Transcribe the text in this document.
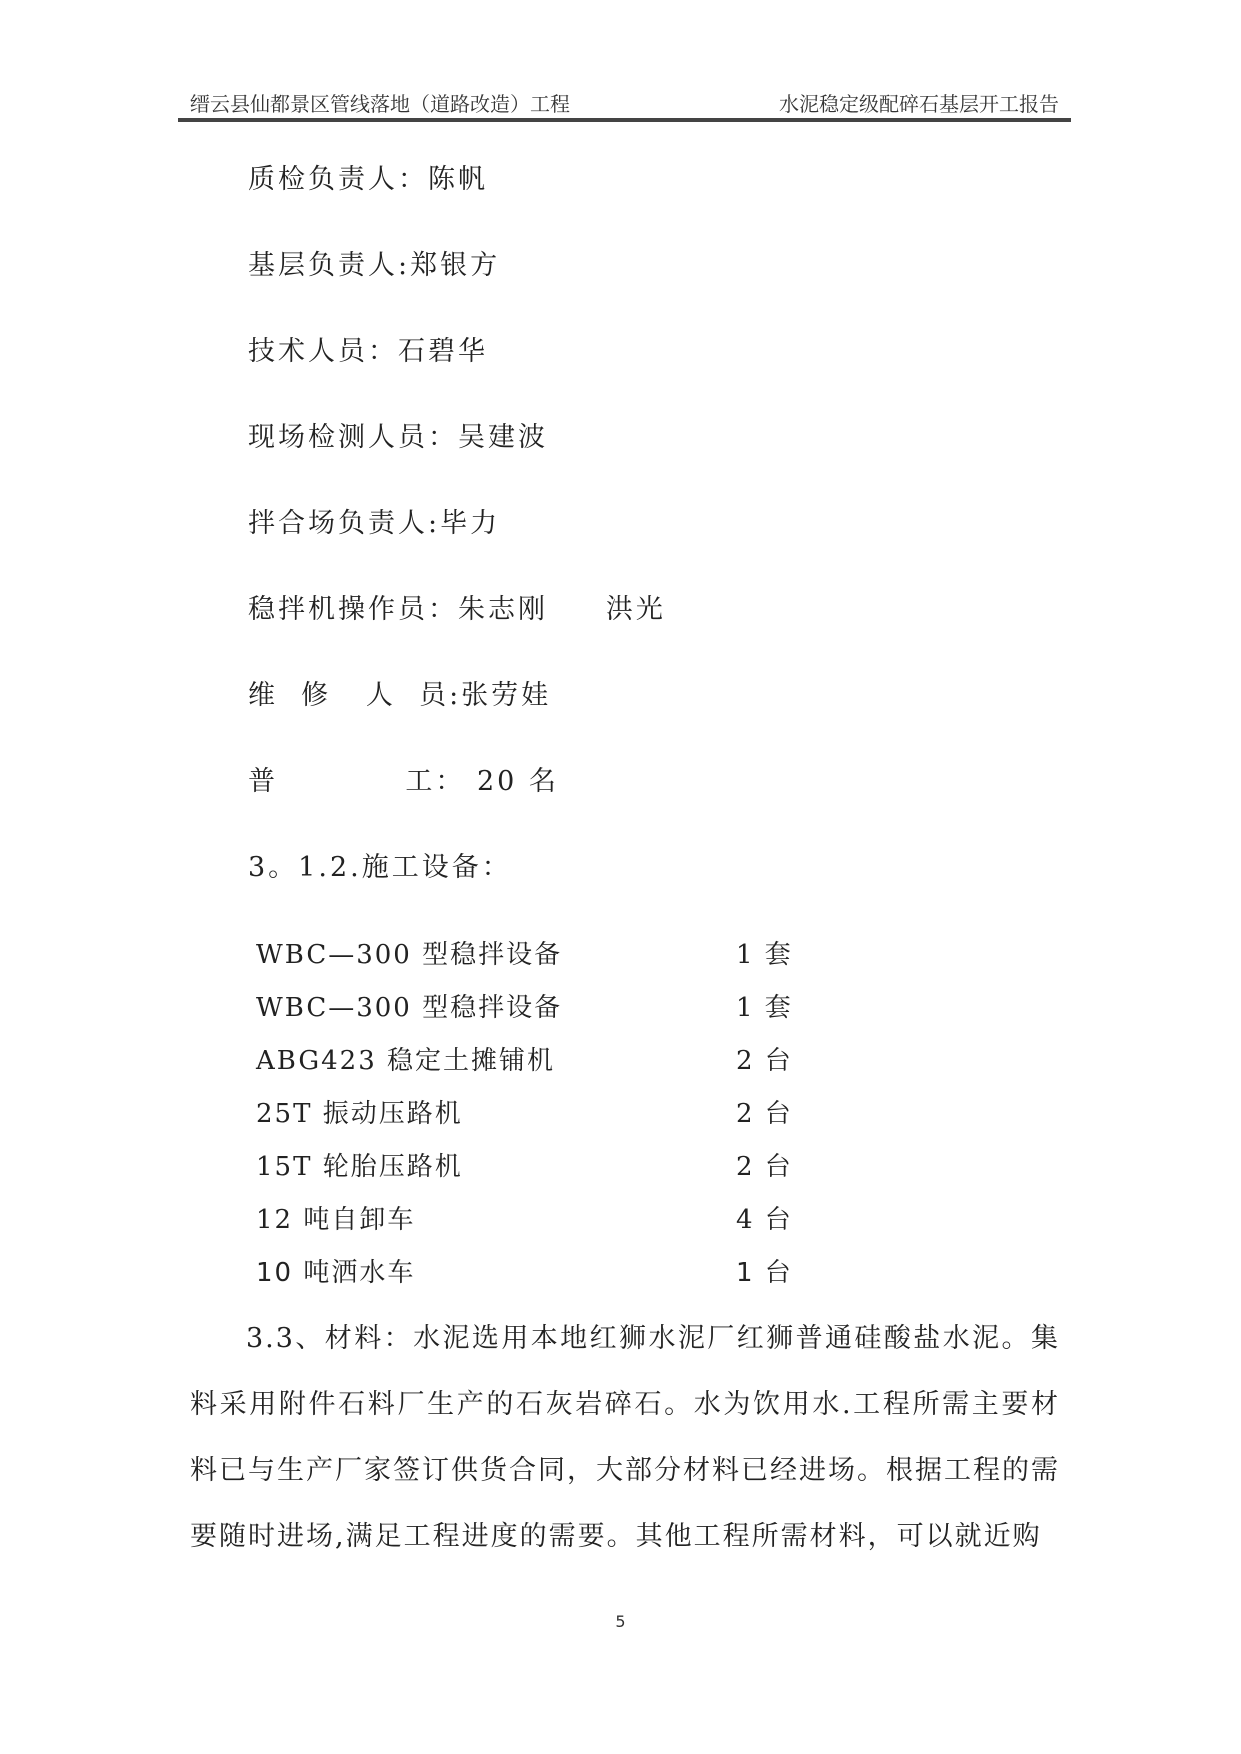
缙云县仙都景区管线落地（道路改造）工程	水泥稳定级配碎石基层开工报告
质检负责人：陈帆
基层负责人:郑银方
技术人员：石碧华
现场检测人员：吴建波
拌合场负责人:毕力
稳拌机操作员：朱志刚     洪光
维  修   人  员:张劳娃
普           工： 20 名
3。1.2.施工设备：
WBC—300 型稳拌设备	1 套
WBC—300 型稳拌设备	1 套
ABG423 稳定土摊铺机	2 台
25T 振动压路机	2 台
15T 轮胎压路机	2 台
12 吨自卸车	4 台
10 吨洒水车	1 台
3.3、材料：水泥选用本地红狮水泥厂红狮普通硅酸盐水泥。集料采用附件石料厂生产的石灰岩碎石。水为饮用水.工程所需主要材料已与生产厂家签订供货合同，大部分材料已经进场。根据工程的需要随时进场,满足工程进度的需要。其他工程所需材料，可以就近购
5
